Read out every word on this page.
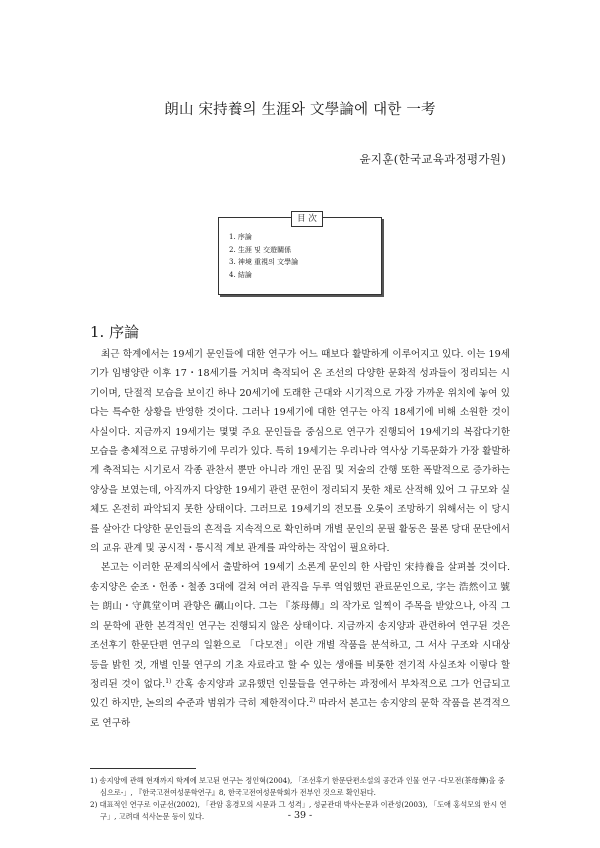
朗山 宋持養의 生涯와 文學論에 대한 一考
윤지훈(한국교육과정평가원)
目 次
1. 序論
2. 生涯 및 交遊關係
3. 神境 重視의 文學論
4. 結論
1. 序論

최근 학계에서는 19세기 문인들에 대한 연구가 어느 때보다 활발하게 이루어지고 있다. 이는 19세기가 임병양란 이후 17・18세기를 거치며 축적되어 온 조선의 다양한 문화적 성과들이 정리되는 시기이며, 단절적 모습을 보이긴 하나 20세기에 도래한 근대와 시기적으로 가장 가까운 위치에 놓여 있다는 특수한 상황을 반영한 것이다. 그러나 19세기에 대한 연구는 아직 18세기에 비해 소원한 것이 사실이다. 지금까지 19세기는 몇몇 주요 문인들을 중심으로 연구가 진행되어 19세기의 복잡다기한 모습을 총체적으로 규명하기에 무리가 있다. 특히 19세기는 우리나라 역사상 기록문화가 가장 활발하게 축적되는 시기로서 각종 관찬서 뿐만 아니라 개인 문집 및 저술의 간행 또한 폭발적으로 증가하는 양상을 보였는데, 아직까지 다양한 19세기 관련 문헌이 정리되지 못한 채로 산적해 있어 그 규모와 실체도 온전히 파악되지 못한 상태이다. 그러므로 19세기의 전모를 오롯이 조망하기 위해서는 이 당시를 살아간 다양한 문인들의 흔적을 지속적으로 확인하며 개별 문인의 문필 활동은 물론 당대 문단에서의 교유 관계 및 공시적・통시적 계보 관계를 파악하는 작업이 필요하다.

본고는 이러한 문제의식에서 출발하여 19세기 소론계 문인의 한 사람인 宋持養을 살펴볼 것이다. 송지양은 순조・헌종・철종 3대에 걸쳐 여러 관직을 두루 역임했던 관료문인으로, 字는 浩然이고 號는 朗山・守眞堂이며 관향은 礪山이다. 그는 『茶母傳』의 작가로 일찍이 주목을 받았으나, 아직 그의 문학에 관한 본격적인 연구는 진행되지 않은 상태이다. 지금까지 송지양과 관련하여 연구된 것은 조선후기 한문단편 연구의 일환으로 「다모전」이란 개별 작품을 분석하고, 그 서사 구조와 시대상 등을 밝힌 것, 개별 인물 연구의 기초 자료라고 할 수 있는 생애를 비롯한 전기적 사실조차 이렇다 할 정리된 것이 없다.$^{1)}$ 간혹 송지양과 교유했던 인물들을 연구하는 과정에서 부차적으로 그가 언급되고 있긴 하지만, 논의의 수준과 범위가 극히 제한적이다.$^{2)}$ 따라서 본고는 송지양의 문학 작품을 본격적으로 연구하

1) 송지양에 관해 현재까지 학계에 보고된 연구는 정인혁(2004), 「조선후기 한문단편소설의 공간과 인물 연구 -다모전(茶母傳)을 중심으로-」, 『한국고전여성문학연구』8, 한국고전여성문학회가 전부인 것으로 확인된다.

2) 대표적인 연구로 이군선(2002), 「관암 홍경모의 시문과 그 성격」, 성균관대 박사논문과 이관성(2003), 「도애 홍석모의 한시 연구」, 고려대 석사논문 등이 있다.	- 39 -
